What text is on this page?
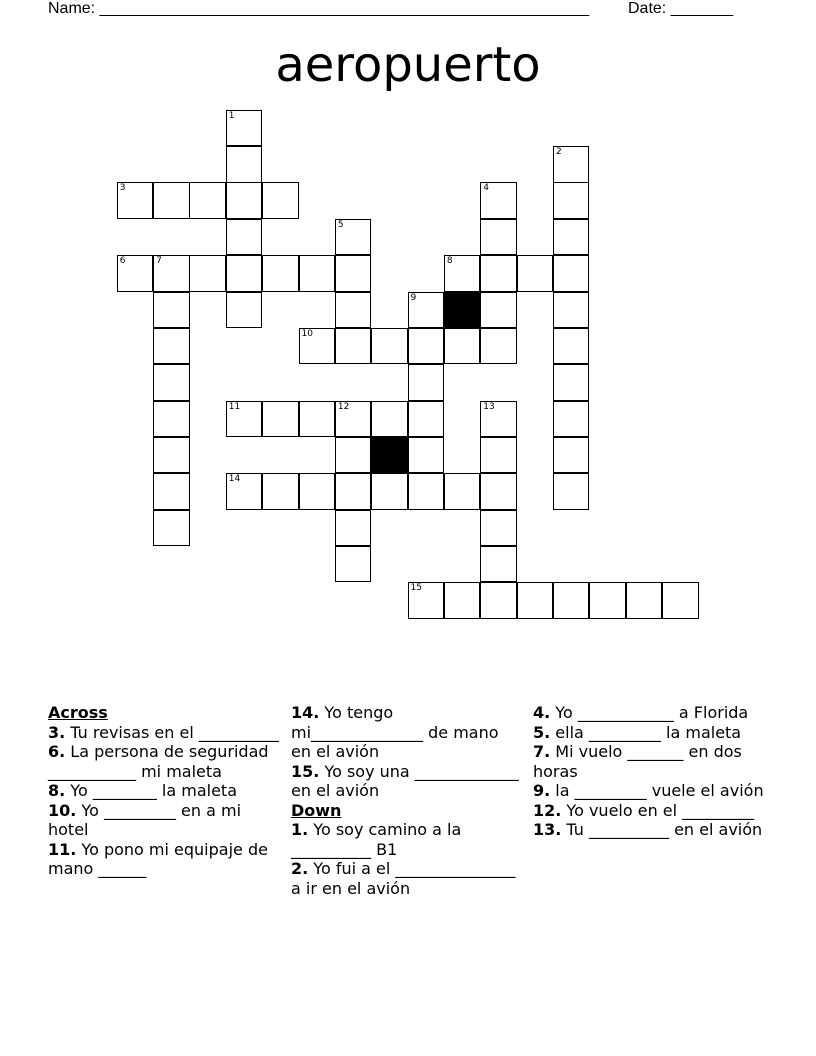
Name: _______________________________________________________ Date: _______
aeropuerto
1
2
3	4
5
6	7	8
9
10
11	12	13
14
15

Across

3. Tu revisas en el __________

6. La persona de seguridad ___________ mi maleta

8. Yo ________ la maleta

10. Yo _________ en a mi hotel

11. Yo pono mi equipaje de mano ______

14. Yo tengo mi______________ de mano en el avión

15. Yo soy una _____________ en el avión

Down

1. Yo soy camino a la __________ B1

2. Yo fui a el _______________ a ir en el avión

4. Yo ____________ a Florida

5. ella _________ la maleta

7. Mi vuelo _______ en dos horas

9. la _________ vuele el avión

12. Yo vuelo en el _________

13. Tu __________ en el avión
